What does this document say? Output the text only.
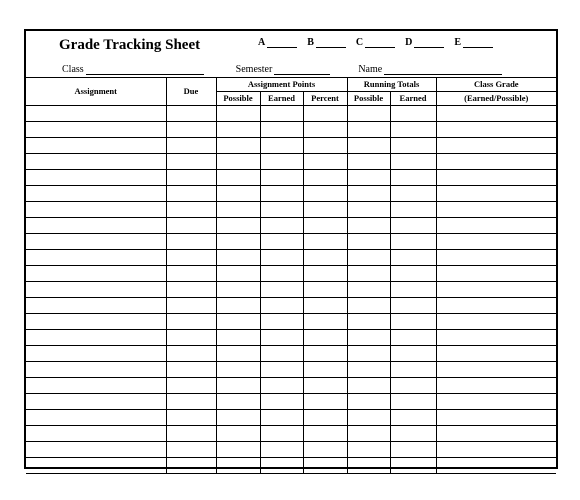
Grade Tracking Sheet	A	B	C	D	E
Class	Semester	Name
Assignment	Due	Assignment Points			Running Totals		Class Grade
		Possible	Earned	Percent	Possible	Earned	(Earned/Possible)
